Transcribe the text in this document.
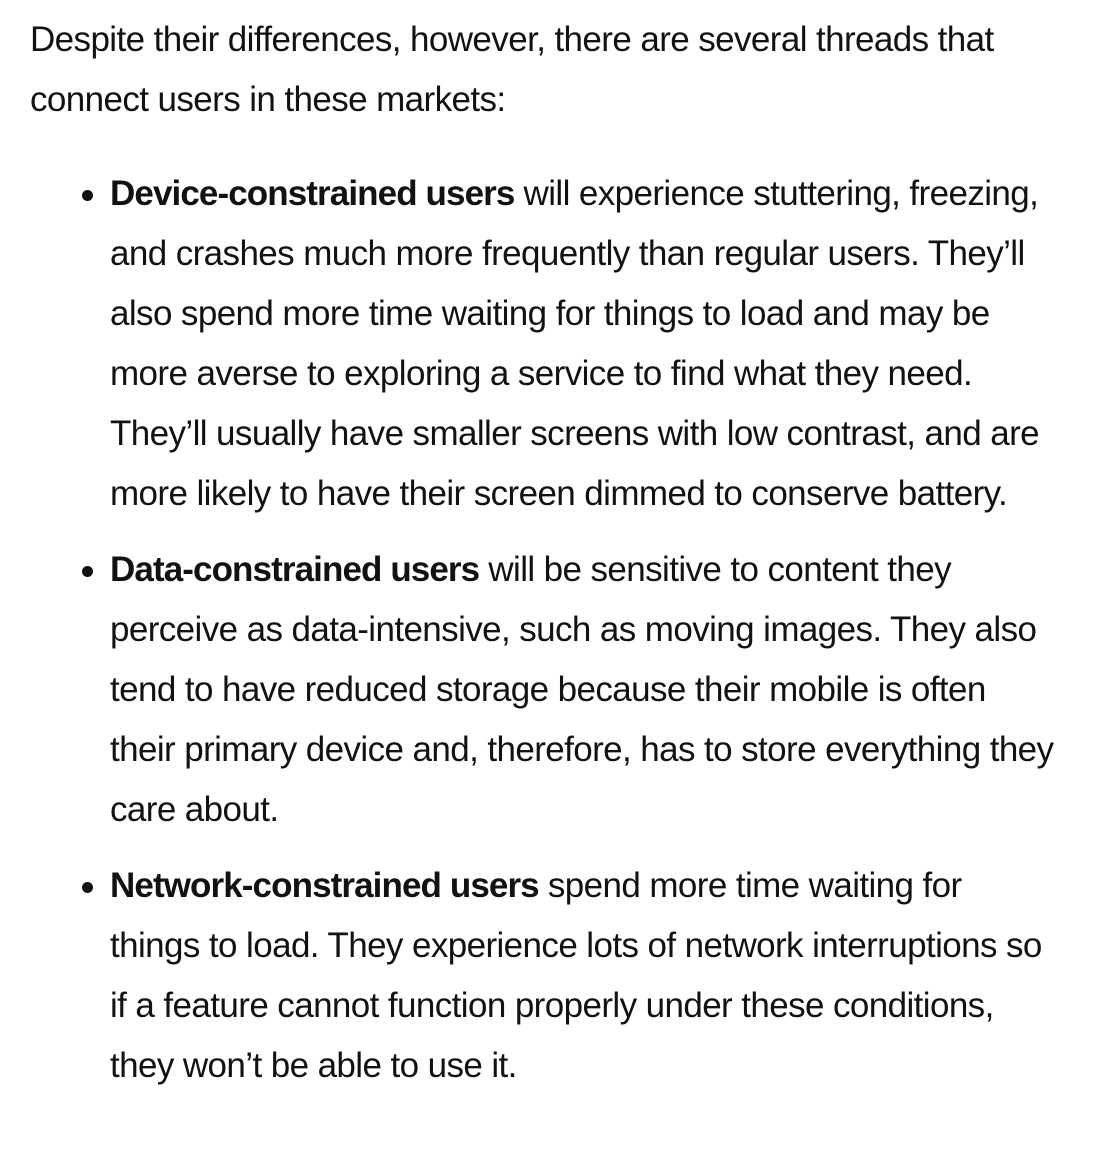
Despite their differences, however, there are several threads that connect users in these markets:

Device-constrained users will experience stuttering, freezing, and crashes much more frequently than regular users. They’ll also spend more time waiting for things to load and may be more averse to exploring a service to find what they need. They’ll usually have smaller screens with low contrast, and are more likely to have their screen dimmed to conserve battery.
Data-constrained users will be sensitive to content they perceive as data-intensive, such as moving images. They also tend to have reduced storage because their mobile is often their primary device and, therefore, has to store everything they care about.
Network-constrained users spend more time waiting for things to load. They experience lots of network interruptions so if a feature cannot function properly under these conditions, they won’t be able to use it.
